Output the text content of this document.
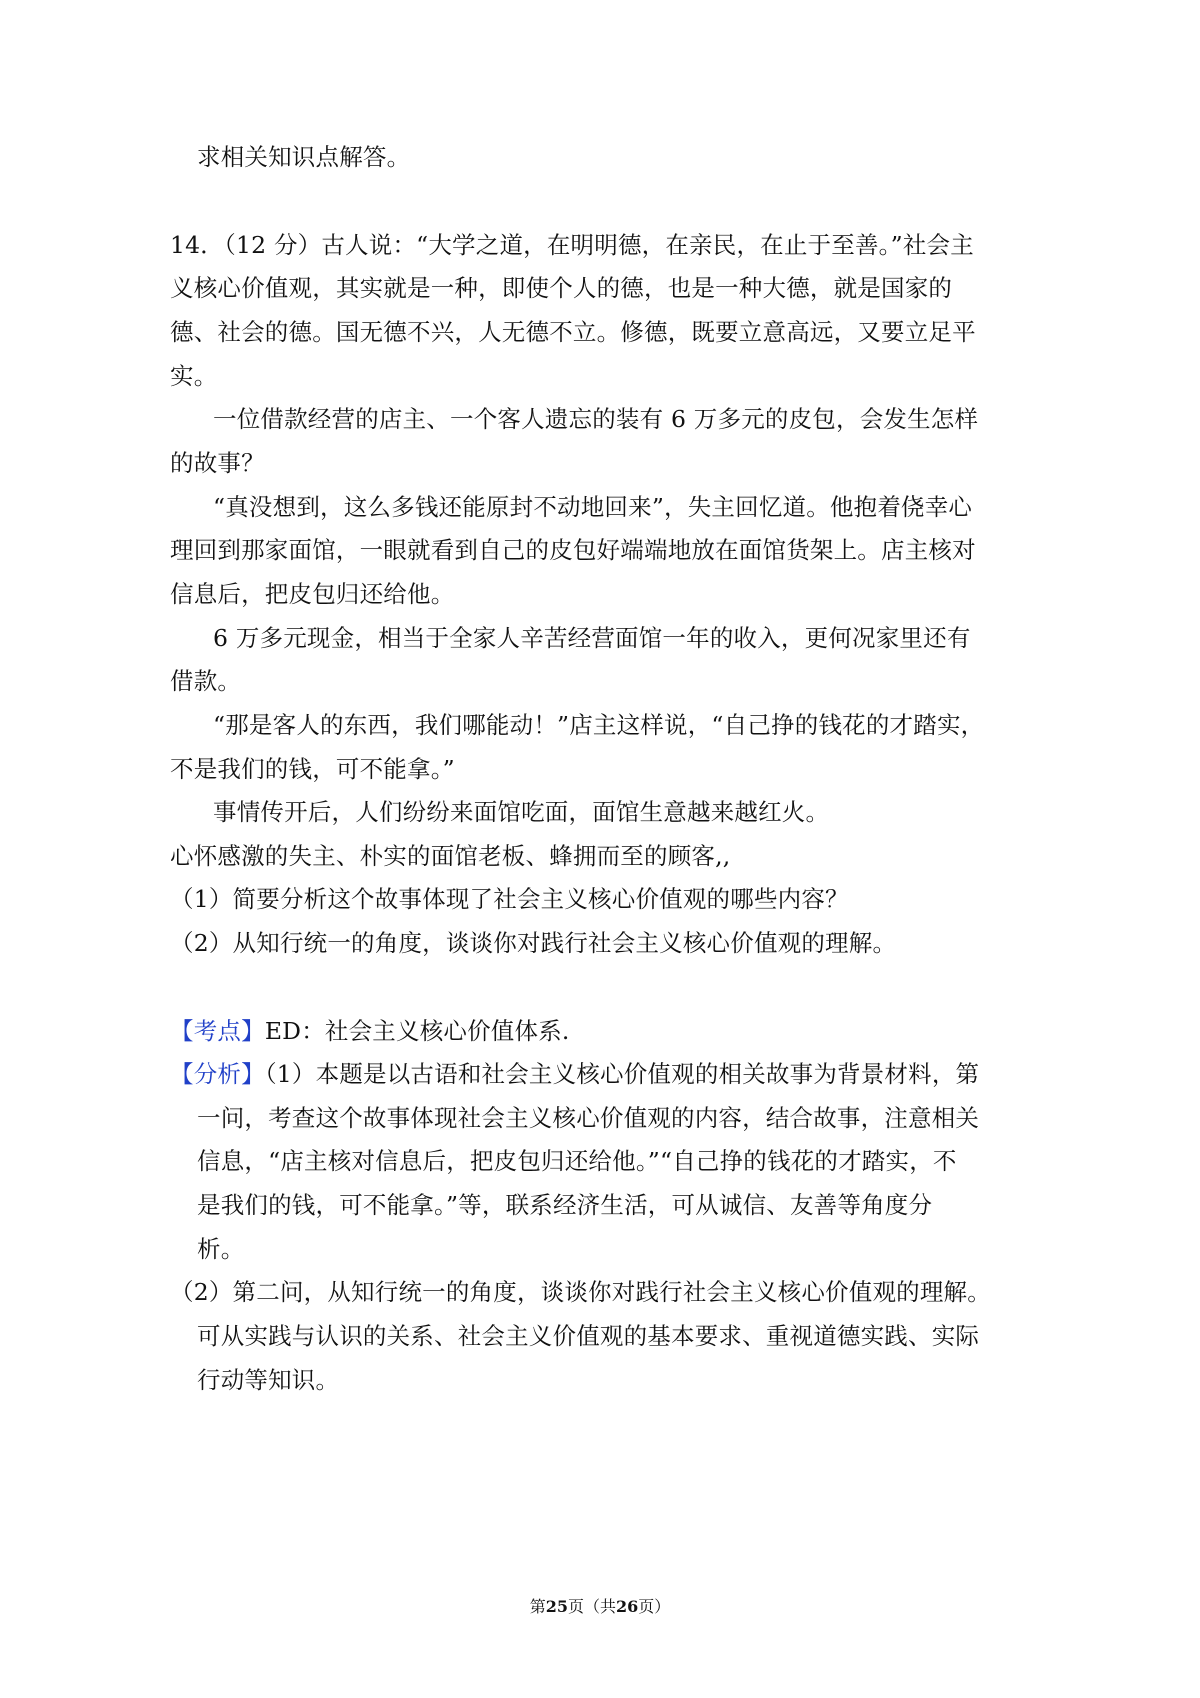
求相关知识点解答。
14．（12 分）古人说：“大学之道，在明明德，在亲民，在止于至善。”社会主
义核心价值观，其实就是一种，即使个人的德，也是一种大德，就是国家的
德、社会的德。国无德不兴，人无德不立。修德，既要立意高远，又要立足平
实。
一位借款经营的店主、一个客人遗忘的装有 6 万多元的皮包，会发生怎样
的故事？
“真没想到，这么多钱还能原封不动地回来”，失主回忆道。他抱着侥幸心
理回到那家面馆，一眼就看到自己的皮包好端端地放在面馆货架上。店主核对
信息后，把皮包归还给他。
6 万多元现金，相当于全家人辛苦经营面馆一年的收入，更何况家里还有
借款。
“那是客人的东西，我们哪能动！”店主这样说，“自己挣的钱花的才踏实，
不是我们的钱，可不能拿。”
事情传开后，人们纷纷来面馆吃面，面馆生意越来越红火。
心怀感激的失主、朴实的面馆老板、蜂拥而至的顾客,,
（1）简要分析这个故事体现了社会主义核心价值观的哪些内容？
（2）从知行统一的角度，谈谈你对践行社会主义核心价值观的理解。
【考点】ED：社会主义核心价值体系.
【分析】（1）本题是以古语和社会主义核心价值观的相关故事为背景材料，第
一问，考查这个故事体现社会主义核心价值观的内容，结合故事，注意相关
信息，“店主核对信息后，把皮包归还给他。”“自己挣的钱花的才踏实，不
是我们的钱，可不能拿。”等，联系经济生活，可从诚信、友善等角度分
析。
（2）第二问，从知行统一的角度，谈谈你对践行社会主义核心价值观的理解。
可从实践与认识的关系、社会主义价值观的基本要求、重视道德实践、实际
行动等知识。
第25页（共26页）
